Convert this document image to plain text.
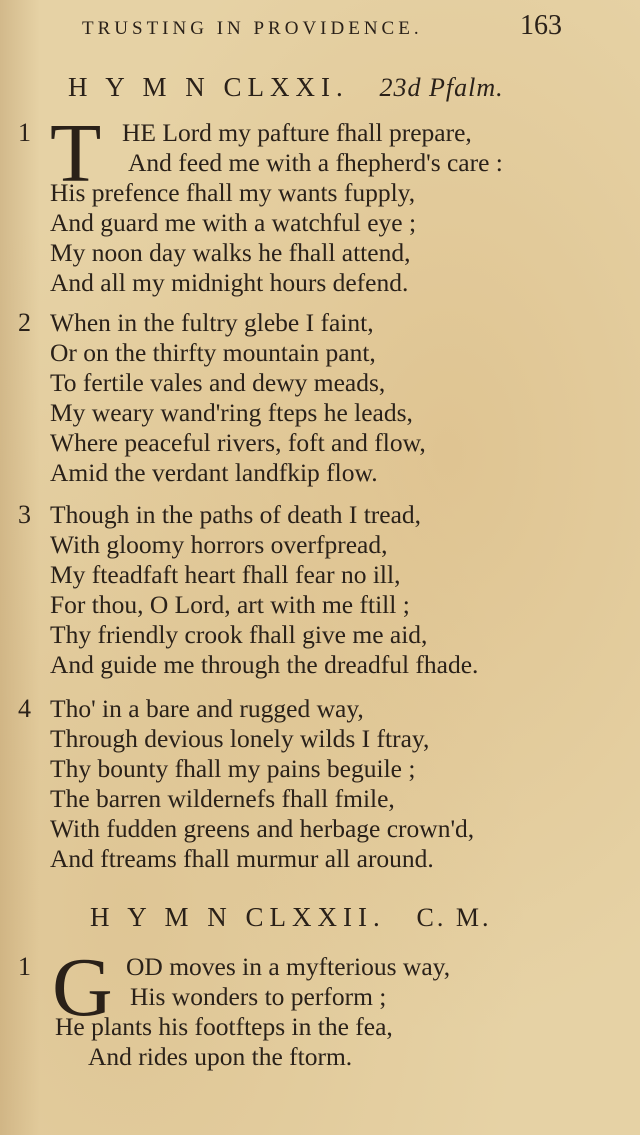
TRUSTING IN PROVIDENCE.	163
H Y M N CLXXI. 23d Pfalm.
1 T HE Lord my pafture fhall prepare,
And feed me with a fhepherd's care :
His prefence fhall my wants fupply,
And guard me with a watchful eye ;
My noon day walks he fhall attend,
And all my midnight hours defend.
2 When in the fultry glebe I faint,
Or on the thirfty mountain pant,
To fertile vales and dewy meads,
My weary wand'ring fteps he leads,
Where peaceful rivers, foft and flow,
Amid the verdant landfkip flow.
3 Though in the paths of death I tread,
With gloomy horrors overfpread,
My fteadfaft heart fhall fear no ill,
For thou, O Lord, art with me ftill ;
Thy friendly crook fhall give me aid,
And guide me through the dreadful fhade.
4 Tho' in a bare and rugged way,
Through devious lonely wilds I ftray,
Thy bounty fhall my pains beguile ;
The barren wildernefs fhall fmile,
With fudden greens and herbage crown'd,
And ftreams fhall murmur all around.
H Y M N CLXXII. C. M.
1 G OD moves in a myfterious way,
His wonders to perform ;
He plants his footfteps in the fea,
And rides upon the ftorm.
